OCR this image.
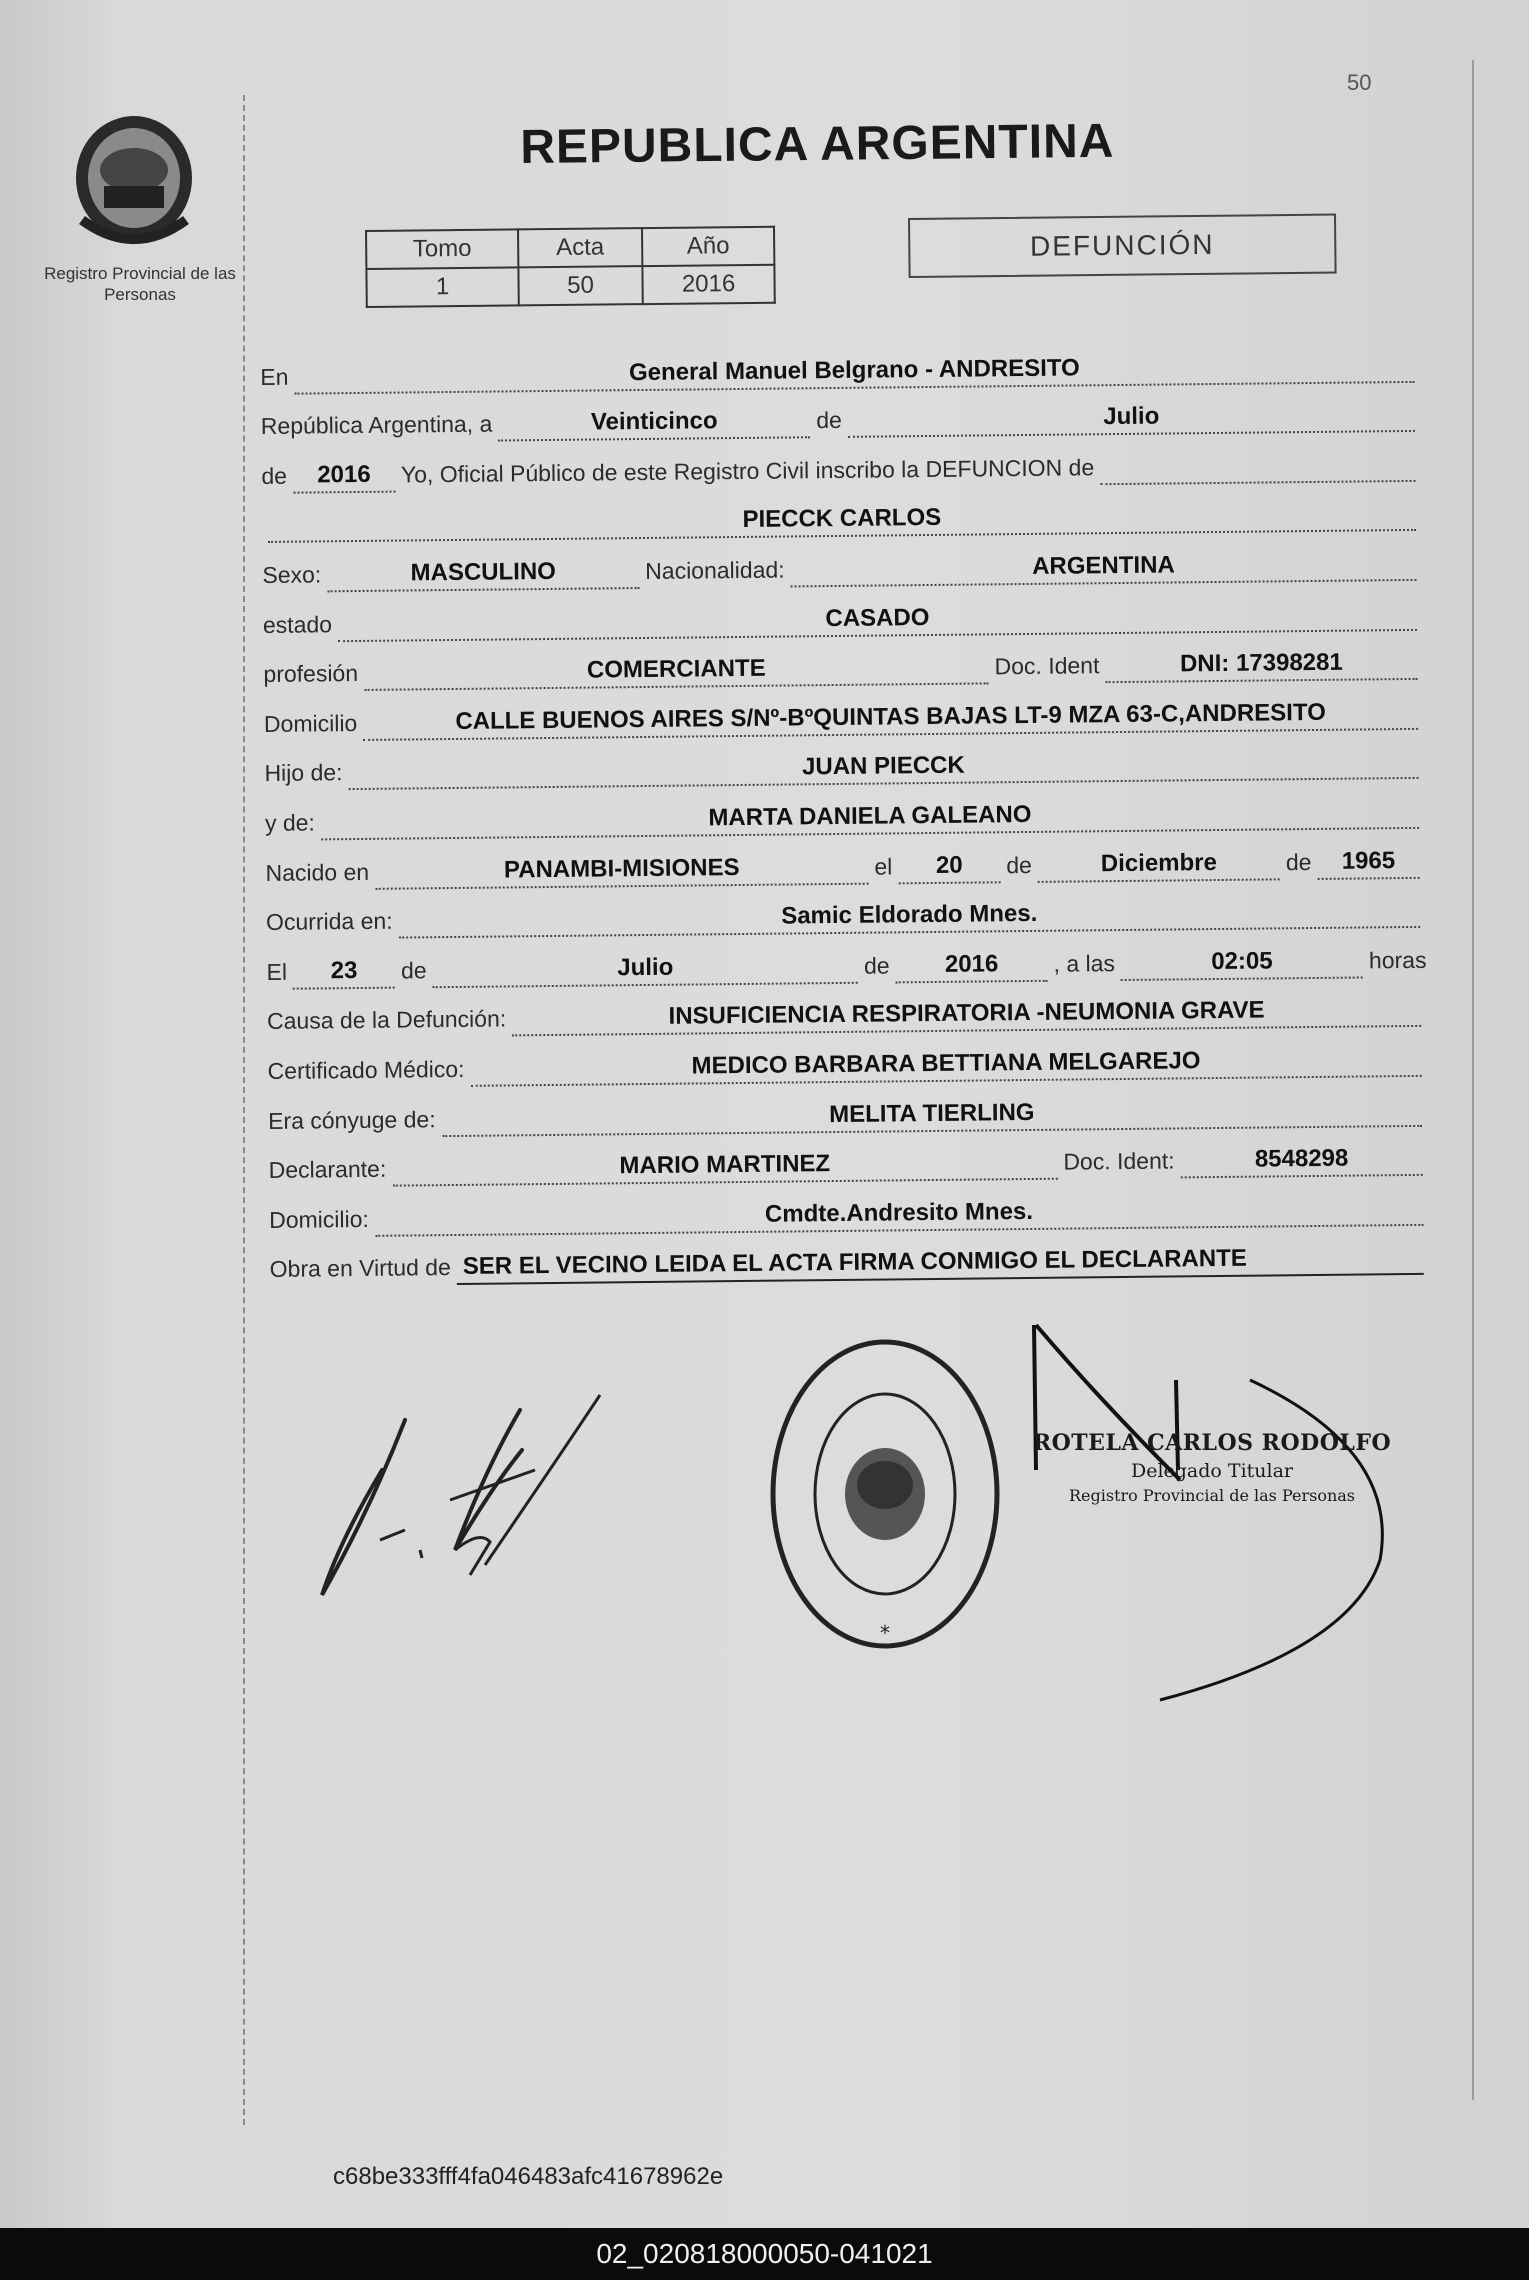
50
Registro Provincial de las Personas
REPUBLICA ARGENTINA
Tomo	Acta	Año
1	50	2016
DEFUNCIÓN
En	General Manuel Belgrano - ANDRESITO
República Argentina, a	Veinticinco	de	Julio
de	2016	Yo, Oficial Público de este Registro Civil inscribo la DEFUNCION de
PIECCK CARLOS
Sexo:	MASCULINO	Nacionalidad:	ARGENTINA
estado	CASADO
profesión	COMERCIANTE	Doc. Ident	DNI: 17398281
Domicilio	CALLE BUENOS AIRES S/Nº-BºQUINTAS BAJAS LT-9 MZA 63-C,ANDRESITO
Hijo de:	JUAN PIECCK
y de:	MARTA DANIELA GALEANO
Nacido en	PANAMBI-MISIONES	el	20	de	Diciembre	de	1965
Ocurrida en:	Samic Eldorado Mnes.
El	23	de	Julio	de	2016	, a las	02:05	horas
Causa de la Defunción:	INSUFICIENCIA RESPIRATORIA -NEUMONIA GRAVE
Certificado Médico:	MEDICO BARBARA BETTIANA MELGAREJO
Era cónyuge de:	MELITA TIERLING
Declarante:	MARIO MARTINEZ	Doc. Ident:	8548298
Domicilio:	Cmdte.Andresito Mnes.
Obra en Virtud de SER EL VECINO LEIDA EL ACTA FIRMA CONMIGO EL DECLARANTE
*
ROTELA CARLOS RODOLFO
Delegado Titular
Registro Provincial de las Personas
c68be333fff4fa046483afc41678962e
02_020818000050-041021
